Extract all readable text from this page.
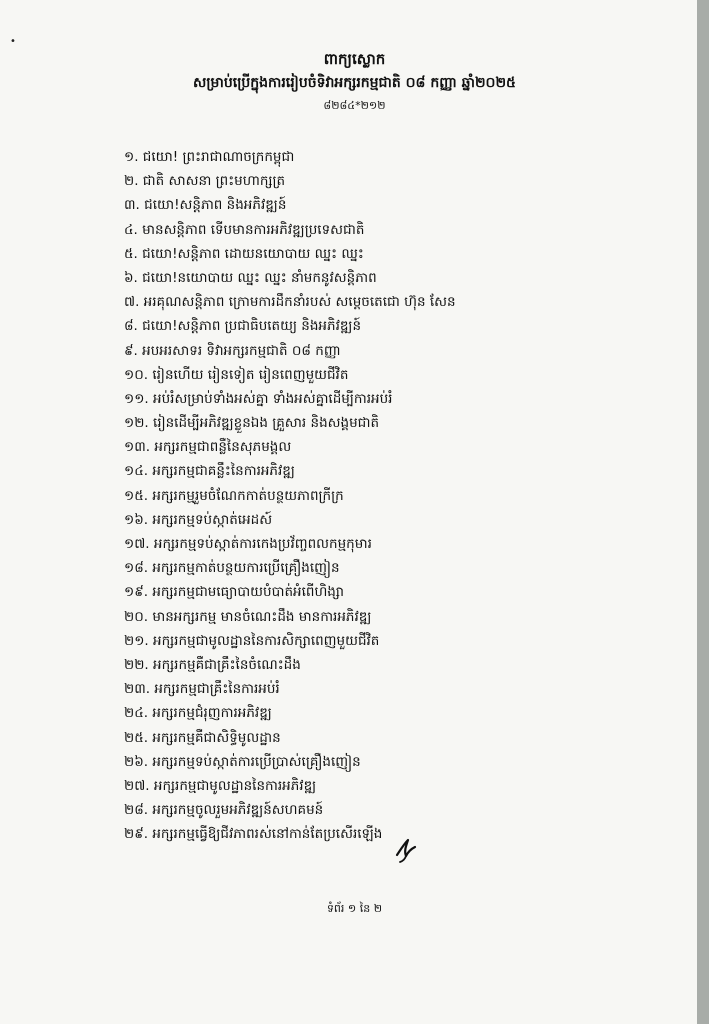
•
ពាក្យស្លោក
សម្រាប់ប្រើក្នុងការរៀបចំទិវាអក្សរកម្មជាតិ ០៨ កញ្ញា ឆ្នាំ២០២៥
៨២៨៤*២១២
១. ជយោ! ព្រះរាជាណាចក្រកម្ពុជា
២. ជាតិ សាសនា ព្រះមហាក្សត្រ
៣. ជយោ!សន្តិភាព និងអភិវឌ្ឍន៍
៤. មានសន្តិភាព ទើបមានការអភិវឌ្ឍប្រទេសជាតិ
៥. ជយោ!សន្តិភាព ដោយនយោបាយ ឈ្នះ ឈ្នះ
៦. ជយោ!នយោបាយ ឈ្នះ ឈ្នះ នាំមកនូវសន្តិភាព
៧. អរគុណសន្តិភាព ក្រោមការដឹកនាំរបស់ សម្ដេចតេជោ ហ៊ុន សែន
៨. ជយោ!សន្តិភាព ប្រជាធិបតេយ្យ និងអភិវឌ្ឍន៍
៩. អបអរសាទរ ទិវាអក្សរកម្មជាតិ ០៨ កញ្ញា
១០. រៀនហើយ រៀនទៀត រៀនពេញមួយជីវិត
១១. អប់រំសម្រាប់ទាំងអស់គ្នា ទាំងអស់គ្នាដើម្បីការអប់រំ
១២. រៀនដើម្បីអភិវឌ្ឍខ្លួនឯង គ្រួសារ និងសង្គមជាតិ
១៣. អក្សរកម្មជាពន្លឺនៃសុភមង្គល
១៤. អក្សរកម្មជាគន្លឹះនៃការអភិវឌ្ឍ
១៥. អក្សរកម្មរួមចំណែកកាត់បន្ថយភាពក្រីក្រ
១៦. អក្សរកម្មទប់ស្កាត់អេដស៍
១៧. អក្សរកម្មទប់ស្កាត់ការកេងប្រវ័ញ្ចពលកម្មកុមារ
១៨. អក្សរកម្មកាត់បន្ថយការប្រើគ្រឿងញៀន
១៩. អក្សរកម្មជាមធ្យោបាយបំបាត់អំពើហិង្សា
២០. មានអក្សរកម្ម មានចំណេះដឹង មានការអភិវឌ្ឍ
២១. អក្សរកម្មជាមូលដ្ឋាននៃការសិក្សាពេញមួយជីវិត
២២. អក្សរកម្មគឺជាគ្រឹះនៃចំណេះដឹង
២៣. អក្សរកម្មជាគ្រឹះនៃការអប់រំ
២៤. អក្សរកម្មជំរុញការអភិវឌ្ឍ
២៥. អក្សរកម្មគឺជាសិទ្ធិមូលដ្ឋាន
២៦. អក្សរកម្មទប់ស្កាត់ការប្រើប្រាស់គ្រឿងញៀន
២៧. អក្សរកម្មជាមូលដ្ឋាននៃការអភិវឌ្ឍ
២៨. អក្សរកម្មចូលរួមអភិវឌ្ឍន៍សហគមន៍
២៩. អក្សរកម្មធ្វើឱ្យជីវភាពរស់នៅកាន់តែប្រសើរឡើង
ទំព័រ ១ នៃ ២
